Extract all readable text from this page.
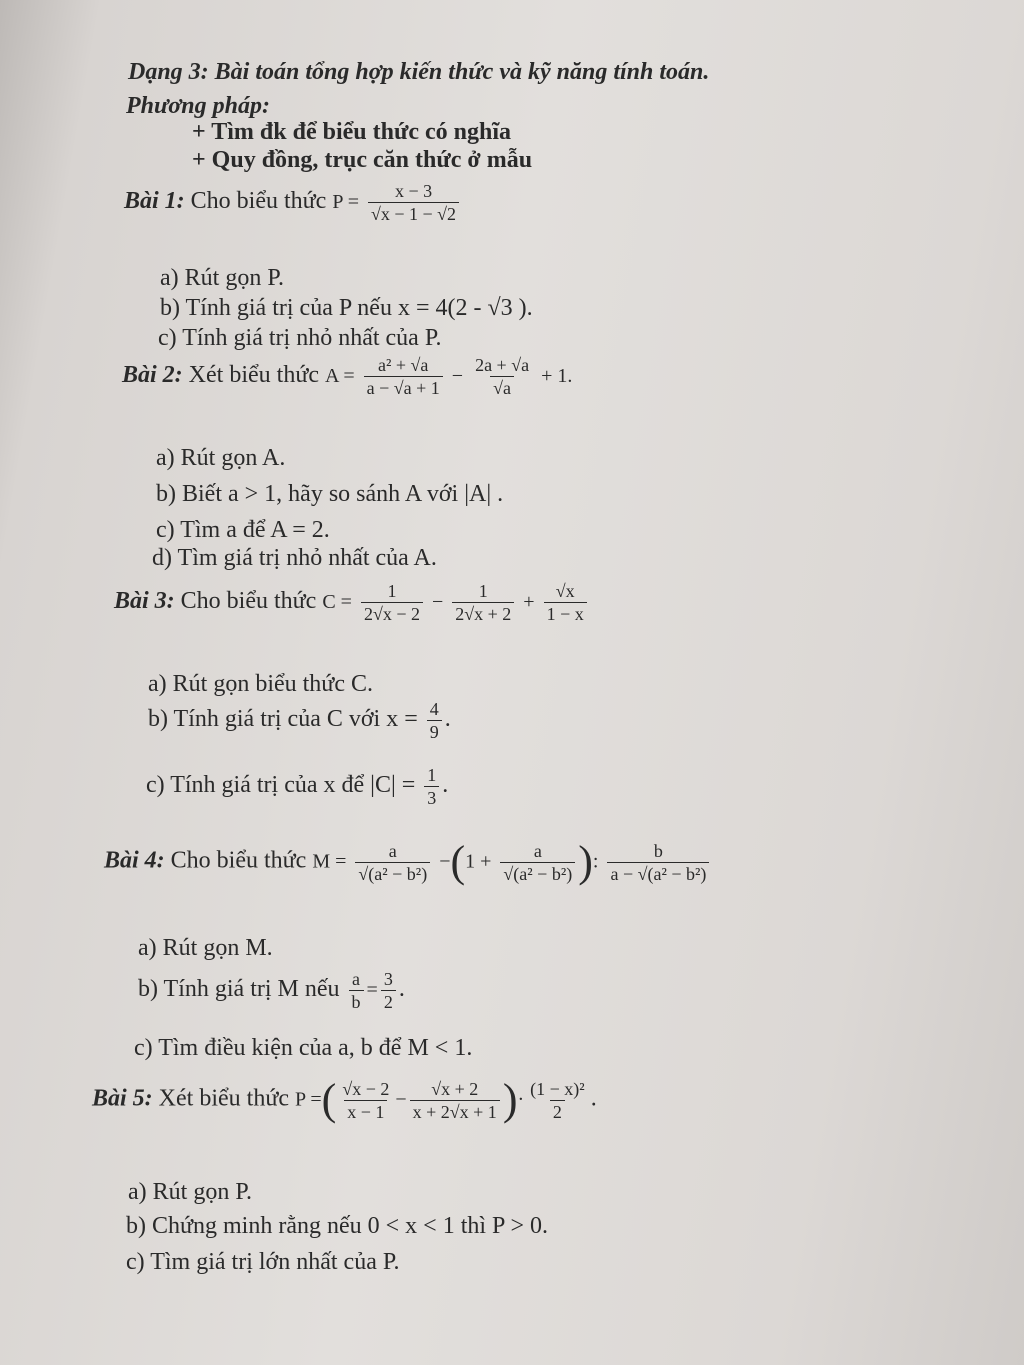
Dạng 3: Bài toán tổng hợp kiến thức và kỹ năng tính toán.
Phương pháp:
+ Tìm đk để biểu thức có nghĩa
+ Quy đồng, trục căn thức ở mẫu
Bài 1: Cho biểu thức $P = \frac{x - 3}{√x - 1 - √2}$
a) Rút gọn P.
b) Tính giá trị của P nếu x = 4(2 - √3 ).
c) Tính giá trị nhỏ nhất của P.
Bài 2: Xét biểu thức $A = \frac{\text{a² + √a}}{a - √a + 1} - \frac{2a + √a}{√a} + 1$.
a) Rút gọn A.
b) Biết a > 1, hãy so sánh A với |A| .
c) Tìm a để A = 2.
d) Tìm giá trị nhỏ nhất của A.
Bài 3: Cho biểu thức $C = \frac{1}{2√x - 2} - \frac{1}{2√x + 2} + \frac{√x}{1 - x}$
a) Rút gọn biểu thức C.
b) Tính giá trị của C với $x = \frac{4}{9}$ .
c) Tính giá trị của x để $|C| = \frac{1}{3}$ .
Bài 4: Cho biểu thức $M = \frac{a}{\text{√(a² − b²)}} -(1 + \frac{a}{\text{√(a² − b²)}}$ ): $\frac{b}{\text{a − √(a² − b²)}}$
a) Rút gọn M.
b) Tính giá trị M nếu $\frac{a}{b} = \frac{3}{2}$ .
c) Tìm điều kiện của a, b để M < 1.
Bài 5: Xét biểu thức P =( $\frac{√x - 2}{x - 1} - \frac{√x + 2}{x + 2√x + 1}$ )· $\frac{\text{(1 − x)²}}{2}$ .
a) Rút gọn P.
b) Chứng minh rằng nếu 0 < x < 1 thì P > 0.
c) Tìm giá trị lớn nhất của P.
